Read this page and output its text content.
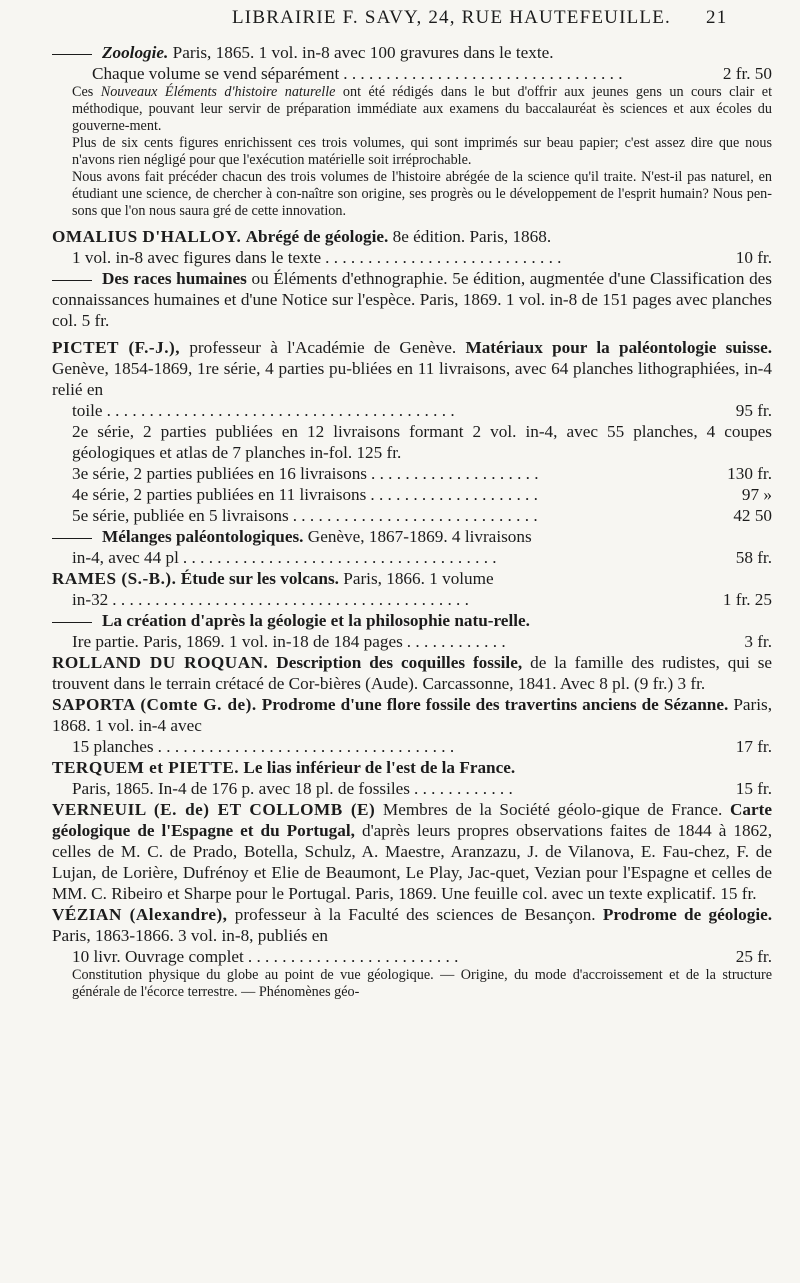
LIBRAIRIE F. SAVY, 24, RUE HAUTEFEUILLE. 21

Zoologie. Paris, 1865. 1 vol. in-8 avec 100 gravures dans le texte.

Chaque volume se vend séparément . . . . . . . . . . . . . . . . . . . . . . . . . . . . . . . . .	2 fr. 50

Ces Nouveaux Éléments d'histoire naturelle ont été rédigés dans le but d'offrir aux jeunes gens un cours clair et méthodique, pouvant leur servir de préparation immédiate aux examens du baccalauréat ès sciences et aux écoles du gouverne-ment.

Plus de six cents figures enrichissent ces trois volumes, qui sont imprimés sur beau papier; c'est assez dire que nous n'avons rien négligé pour que l'exécution matérielle soit irréprochable.

Nous avons fait précéder chacun des trois volumes de l'histoire abrégée de la science qu'il traite. N'est-il pas naturel, en étudiant une science, de chercher à con-naître son origine, ses progrès ou le développement de l'esprit humain? Nous pen-sons que l'on nous saura gré de cette innovation.

OMALIUS D'HALLOY. Abrégé de géologie. 8e édition. Paris, 1868.

1 vol. in-8 avec figures dans le texte . . . . . . . . . . . . . . . . . . . . . . . . . . . .	10 fr.

Des races humaines ou Éléments d'ethnographie. 5e édition, augmentée d'une Classification des connaissances humaines et d'une Notice sur l'espèce. Paris, 1869. 1 vol. in-8 de 151 pages avec planches col. 5 fr.

PICTET (F.-J.), professeur à l'Académie de Genève. Matériaux pour la paléontologie suisse. Genève, 1854-1869, 1re série, 4 parties pu-bliées en 11 livraisons, avec 64 planches lithographiées, in-4 relié en

toile . . . . . . . . . . . . . . . . . . . . . . . . . . . . . . . . . . . . . . . . .	95 fr.

2e série, 2 parties publiées en 12 livraisons formant 2 vol. in-4, avec 55 planches, 4 coupes géologiques et atlas de 7 planches in-fol. 125 fr.

3e série, 2 parties publiées en 16 livraisons . . . . . . . . . . . . . . . . . . . .	130 fr.
4e série, 2 parties publiées en 11 livraisons . . . . . . . . . . . . . . . . . . . .	97 »
5e série, publiée en 5 livraisons . . . . . . . . . . . . . . . . . . . . . . . . . . . . .	42 50

Mélanges paléontologiques. Genève, 1867-1869. 4 livraisons

in-4, avec 44 pl . . . . . . . . . . . . . . . . . . . . . . . . . . . . . . . . . . . . .	58 fr.

RAMES (S.-B.). Étude sur les volcans. Paris, 1866. 1 volume

in-32 . . . . . . . . . . . . . . . . . . . . . . . . . . . . . . . . . . . . . . . . . .	1 fr. 25

La création d'après la géologie et la philosophie natu-relle.

Ire partie. Paris, 1869. 1 vol. in-18 de 184 pages . . . . . . . . . . . .	3 fr.

ROLLAND DU ROQUAN. Description des coquilles fossile, de la famille des rudistes, qui se trouvent dans le terrain crétacé de Cor-bières (Aude). Carcassonne, 1841. Avec 8 pl. (9 fr.) 3 fr.

SAPORTA (Comte G. de). Prodrome d'une flore fossile des travertins anciens de Sézanne. Paris, 1868. 1 vol. in-4 avec

15 planches . . . . . . . . . . . . . . . . . . . . . . . . . . . . . . . . . . .	17 fr.

TERQUEM et PIETTE. Le lias inférieur de l'est de la France.

Paris, 1865. In-4 de 176 p. avec 18 pl. de fossiles . . . . . . . . . . . .	15 fr.

VERNEUIL (E. de) ET COLLOMB (E) Membres de la Société géolo-gique de France. Carte géologique de l'Espagne et du Portugal, d'après leurs propres observations faites de 1844 à 1862, celles de M. C. de Prado, Botella, Schulz, A. Maestre, Aranzazu, J. de Vilanova, E. Fau-chez, F. de Lujan, de Lorière, Dufrénoy et Elie de Beaumont, Le Play, Jac-quet, Vezian pour l'Espagne et celles de MM. C. Ribeiro et Sharpe pour le Portugal. Paris, 1869. Une feuille col. avec un texte explicatif. 15 fr.

VÉZIAN (Alexandre), professeur à la Faculté des sciences de Besançon. Prodrome de géologie. Paris, 1863-1866. 3 vol. in-8, publiés en

10 livr. Ouvrage complet . . . . . . . . . . . . . . . . . . . . . . . . .	25 fr.

Constitution physique du globe au point de vue géologique. — Origine, du mode d'accroissement et de la structure générale de l'écorce terrestre. — Phénomènes géo-
